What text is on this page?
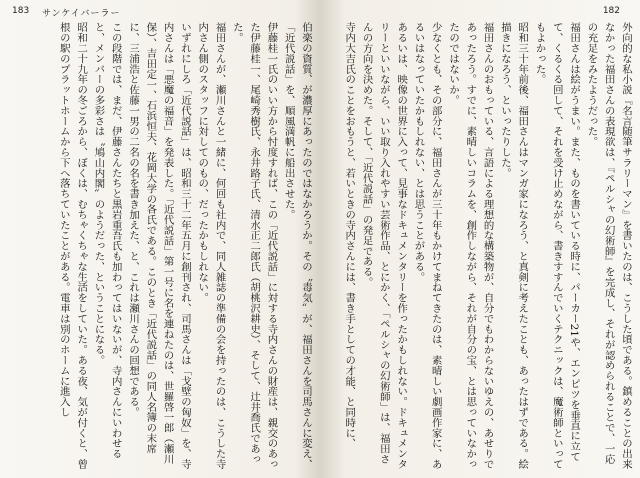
183 サンケイバーラー

伯楽の資質、が濃厚にあったのではなかろうか。その〝毒気〟が、福田さんを司馬さんに変え、「近代説話」を、順風満帆に船出させた。

伊藤桂一氏のいい方から忖度すれば、この「近代説話」に対する寺内さんの財産は、親交のあった伊藤桂一、尾崎秀樹氏、永井路子氏、清水正二郎氏（胡桃沢耕史）、そして、辻井喬氏であった。

福田さんが、瀬川さんと一緒に、何回も社内で、同人雑誌の準備の会を持ったのは、こうした寺内さん側のスタッフに対してのもの、だったかもしれない。

いずれにしろ「近代説話」は、昭和三十二年五月に創刊され、司馬さんは「戈壁の匈奴」を、寺内さんは「悪魔の福音」を発表した。「近代説話」第一号に名を連ねたのは、世羅啓一郎（瀬川保）、吉田定一、石浜恒夫、花岡大学の各氏である。このとき「近代説話」の同人名簿の末席に、三浦浩と佐藤一男の二名の名を書き加えた、と、これは瀬川さんの回想である。

この段階では、まだ、伊藤さんたちと黒岩重吾氏も加わってはいないが、寺内さんにいわせると、メンバーの多彩さは〝鳩山内閣〟のようだった、ということになる。

昭和二十九年の冬ごろから、ぼくは、むちゃくちゃな生活をしていた。ある夜、気が付くと、曾根の駅のプラットホームから下へ落ちていたことがある。電車は別のホームに進入し

182

外向的な私小説『名言随筆サラリーマン』を書いたのは、こうした頃である。鎮めることの出来なかった福田さんの表現欲は、『ペルシャの幻術師』を完成し、それが認められることで、一応の充足をみたようだった。

福田さんは絵がうまい。また、ものを書いている時に、パーカー21や、エンピツを垂直に立てて、くるくる回して、それを受け止めながら、書きすすんでいくテクニックは、魔術師といってもよかった。

昭和三十年前後、福田さんはマンガ家になろう、と真剣に考えたことも、あったはずである。絵描きになろう、といったりした。

福田さんのおもっている、言語による理想的な構築物が、自分でもわからないゆえの、あせりであったろう。すでに、素晴しいコラムを、創作しながら、それが自分の宝、とは思っていなかったのではないか。

少なくとも、その部分に、福田さんが三十年もかけてまねてきたのは、素晴しい劇画作家に、あるいはなっていたかもしれない、とは思うことがある。

あるいは、映像の世界に入って、見事なドキュメンタリーを作ったかもしれない。ドキュメンタリーといいながら、いい取り入れやすい芸術作品、とにかく、「ペルシャの幻術師」は、福田さんの方向を決めた。そして、「近代説話」の発足である。

寺内大吉氏のことをおもうと、若いときの寺内さんには、書き手としての才能、と同時に、
